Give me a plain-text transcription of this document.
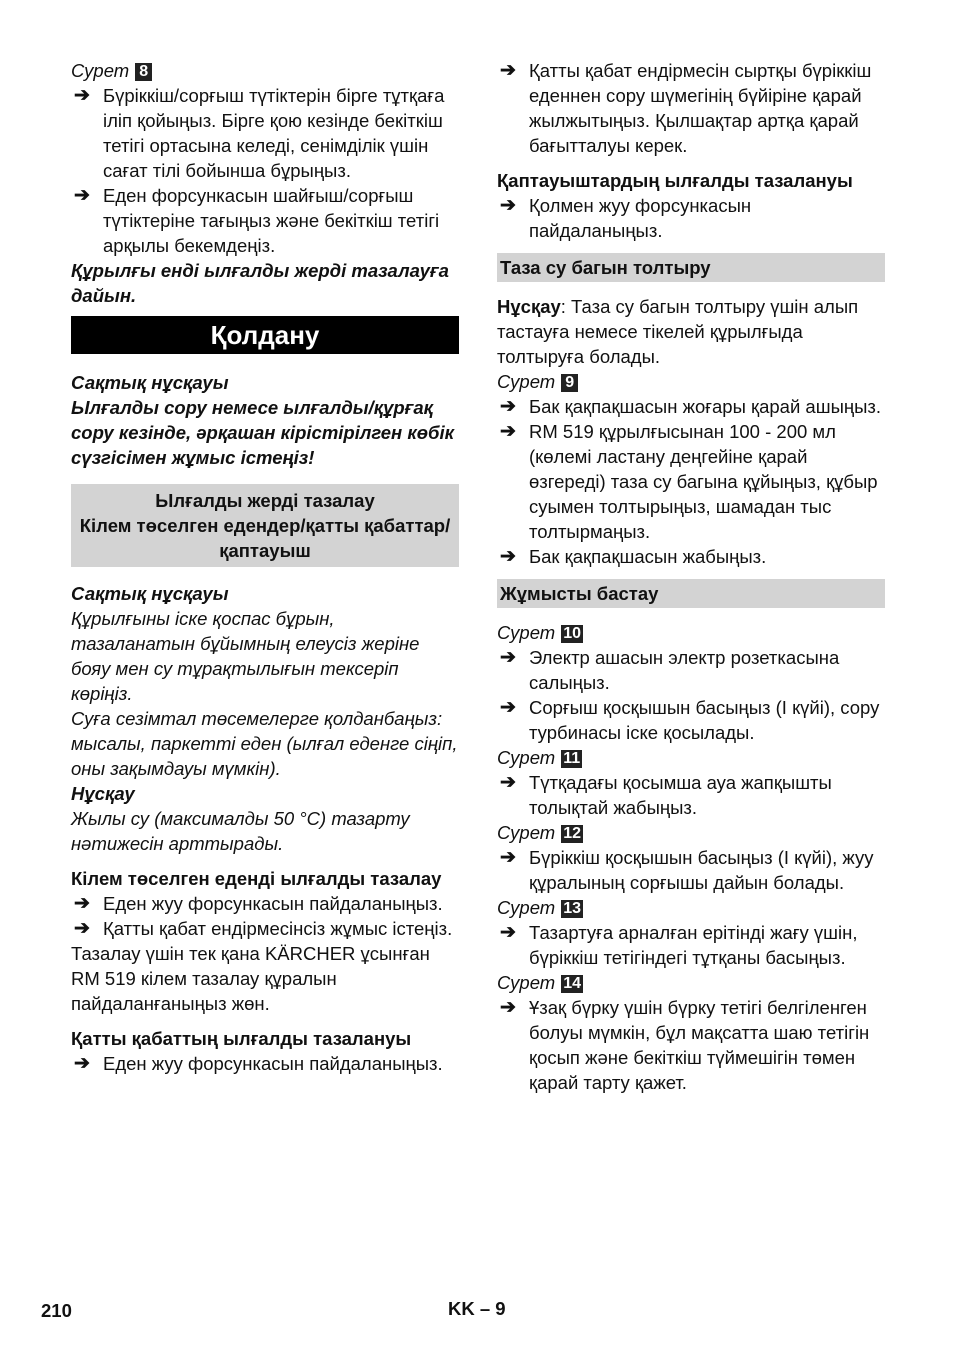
Сурет 8
➔ Бүріккіш/сорғыш түтіктерін бірге тұтқаға іліп қойыңыз. Бірге қою кезінде бекіткіш тетігі ортасына келеді, сенімділік үшін сағат тілі бойынша бұрыңыз.
➔ Еден форсункасын шайғыш/сорғыш түтіктеріне тағыңыз және бекіткіш тетігі арқылы бекемдеңіз.
Құрылғы енді ылғалды жерді тазалауға дайын.
Қолдану
Сақтық нұсқауы
Ылғалды сору немесе ылғалды/құрғақ сору кезінде, әрқашан кірістірілген көбік сүзгісімен жұмыс істеңіз!
Ылғалды жерді тазалау
Кілем төселген едендер/қатты қабаттар/қаптауыш
Сақтық нұсқауы
Құрылғыны іске қоспас бұрын, тазаланатын бұйымның елеусіз жеріне бояу мен су тұрақтылығын тексеріп көріңіз.
Суға сезімтал төсемелерге қолданбаңыз: мысалы, паркетті еден (ылғал еденге сіңіп, оны зақымдауы мүмкін).
Нұсқау
Жылы су (максималды 50 °C) тазарту нәтижесін арттырады.
Кілем төселген еденді ылғалды тазалау
➔ Еден жуу форсункасын пайдаланыңыз.
➔ Қатты қабат ендірмесінсіз жұмыс істеңіз.
Тазалау үшін тек қана KÄRCHER ұсынған RM 519 кілем тазалау құралын пайдаланғаныңыз жөн.
Қатты қабаттың ылғалды тазалануы
➔ Еден жуу форсункасын пайдаланыңыз.
➔ Қатты қабат ендірмесін сыртқы бүріккіш еденнен сору шүмегінің бүйіріне қарай жылжытыңыз. Қылшақтар артқа қарай бағытталуы керек.
Қаптауыштардың ылғалды тазалануы
➔ Қолмен жуу форсункасын пайдаланыңыз.
Таза су багын толтыру
Нұсқау: Таза су багын толтыру үшін алып тастауға немесе тікелей құрылғыда толтыруға болады.
Сурет 9
➔ Бак қақпақшасын жоғары қарай ашыңыз.
➔ RM 519 құрылғысынан 100 - 200 мл (көлемі ластану деңгейіне қарай өзгереді) таза су багына құйыңыз, құбыр суымен толтырыңыз, шамадан тыс толтырмаңыз.
➔ Бак қақпақшасын жабыңыз.
Жұмысты бастау
Сурет 10
➔ Электр ашасын электр розеткасына салыңыз.
➔ Сорғыш қосқышын басыңыз (I күйі), сору турбинасы іске қосылады.
Сурет 11
➔ Түтқадағы қосымша ауа жапқышты толықтай жабыңыз.
Сурет 12
➔ Бүріккіш қосқышын басыңыз (I күйі), жуу құралының сорғышы дайын болады.
Сурет 13
➔ Тазартуға арналған ерітінді жағу үшін, бүріккіш тетігіндегі тұтқаны басыңыз.
Сурет 14
➔ Ұзақ бүрку үшін бүрку тетігі белгіленген болуы мүмкін, бұл мақсатта шаю тетігін қосып және бекіткіш түймешігін төмен қарай тарту қажет.
210	KK – 9
